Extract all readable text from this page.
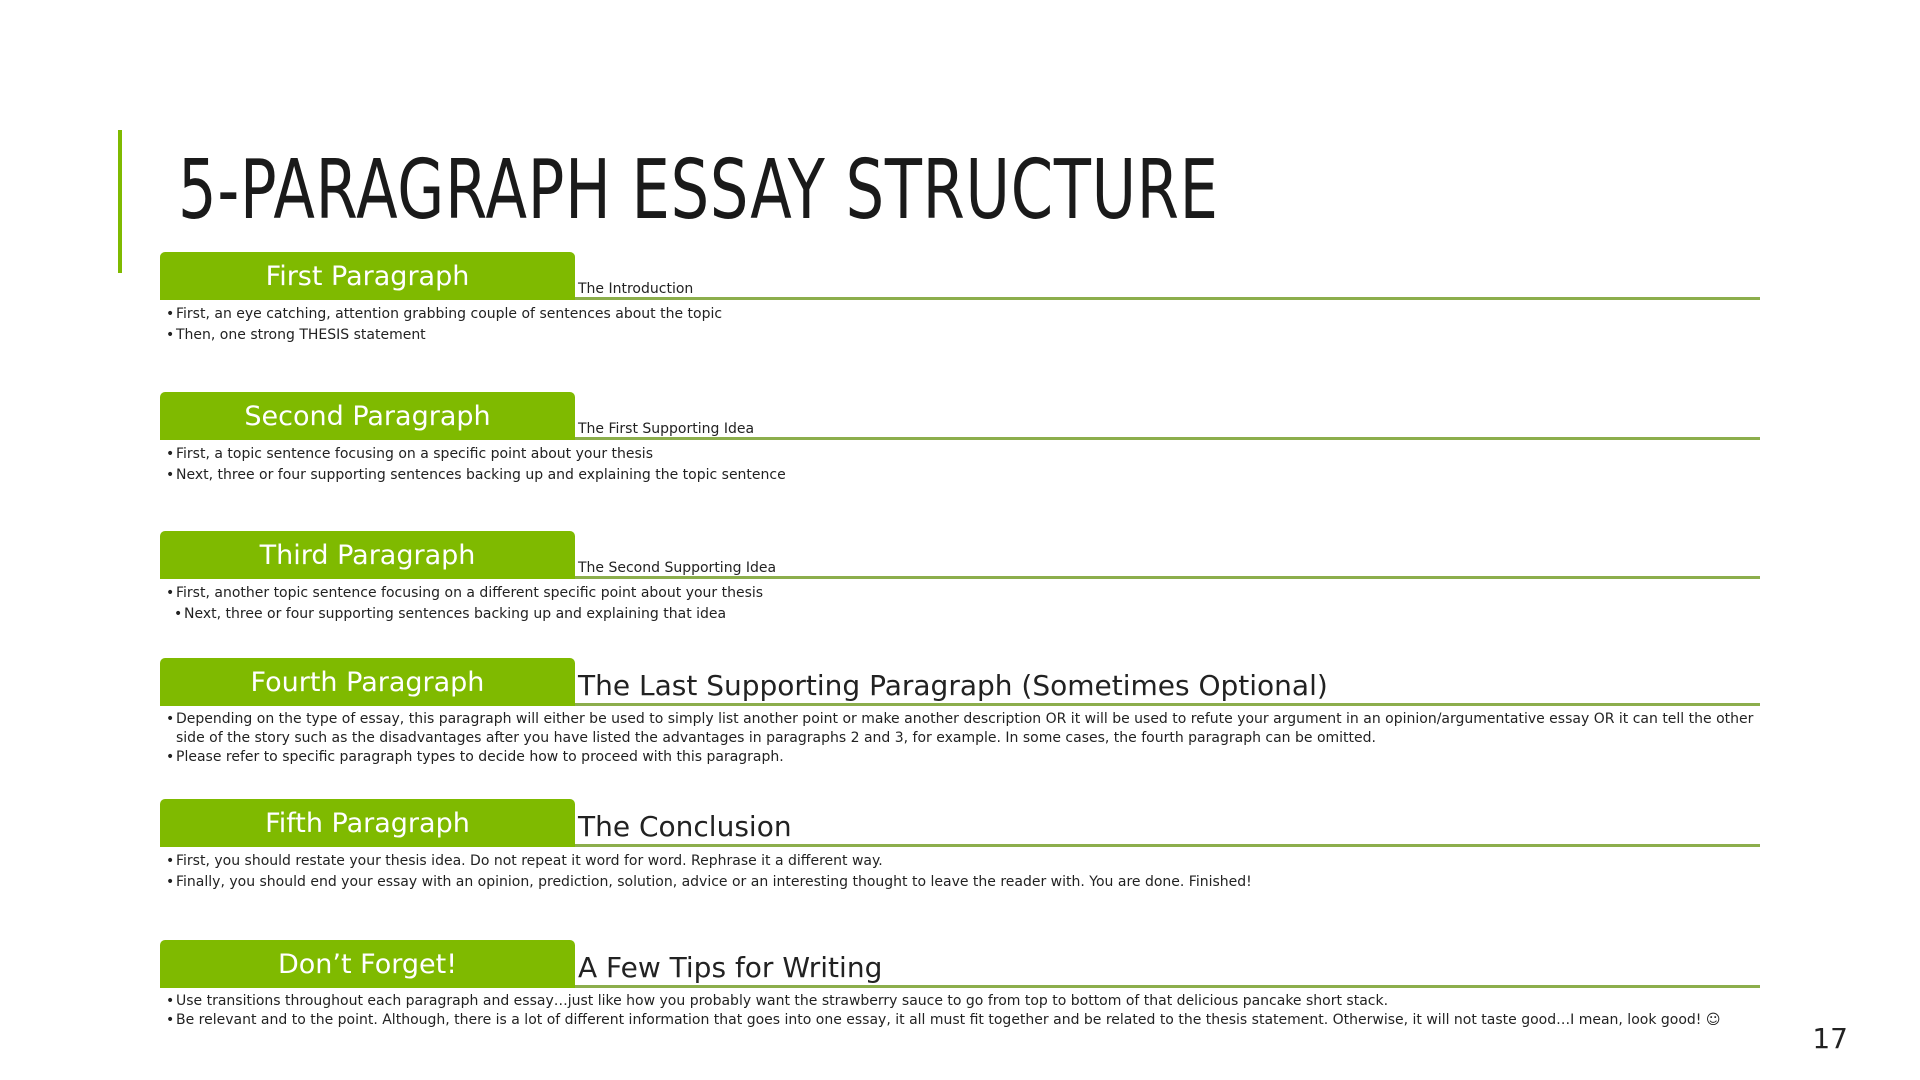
5-PARAGRAPH ESSAY STRUCTURE
First Paragraph	The Introduction
• First, an eye catching, attention grabbing couple of sentences about the topic
• Then, one strong THESIS statement
Second Paragraph	The First Supporting Idea
• First, a topic sentence focusing on a specific point about your thesis
• Next, three or four supporting sentences backing up and explaining the topic sentence
Third Paragraph	The Second Supporting Idea
• First, another topic sentence focusing on a different specific point about your thesis
• Next, three or four supporting sentences backing up and explaining that idea
Fourth Paragraph	The Last Supporting Paragraph (Sometimes Optional)
• Depending on the type of essay, this paragraph will either be used to simply list another point or make another description OR it will be used to refute your argument in an opinion/argumentative essay OR it can tell the other side of the story such as the disadvantages after you have listed the advantages in paragraphs 2 and 3, for example. In some cases, the fourth paragraph can be omitted.
• Please refer to specific paragraph types to decide how to proceed with this paragraph.
Fifth Paragraph	The Conclusion
• First, you should restate your thesis idea. Do not repeat it word for word. Rephrase it a different way.
• Finally, you should end your essay with an opinion, prediction, solution, advice or an interesting thought to leave the reader with. You are done. Finished!
Don’t Forget!	A Few Tips for Writing
• Use transitions throughout each paragraph and essay…just like how you probably want the strawberry sauce to go from top to bottom of that delicious pancake short stack.
• Be relevant and to the point. Although, there is a lot of different information that goes into one essay, it all must fit together and be related to the thesis statement. Otherwise, it will not taste good…I mean, look good! ☺
17
